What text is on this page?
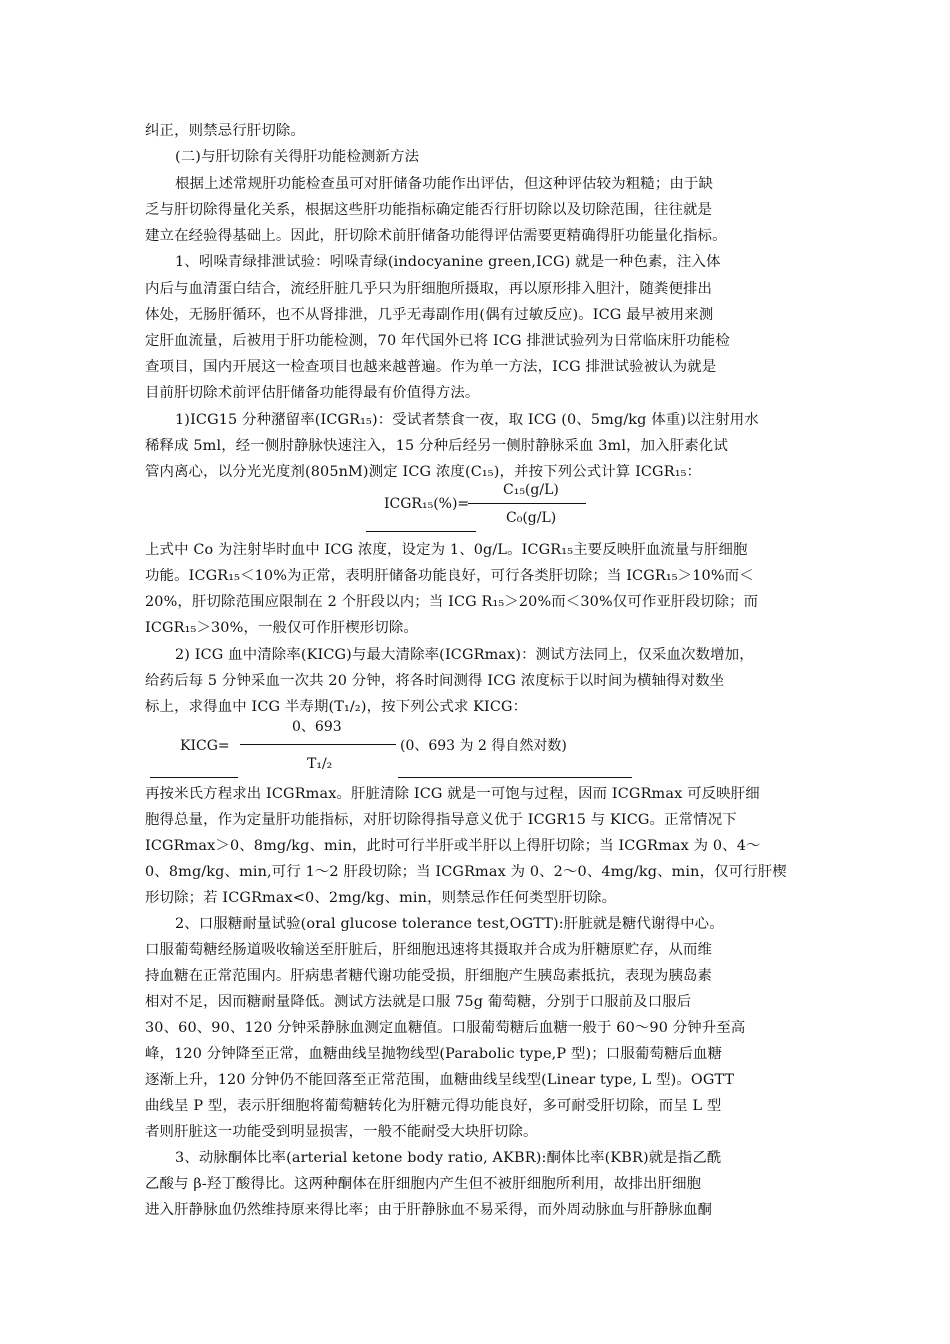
纠正，则禁忌行肝切除。
(二)与肝切除有关得肝功能检测新方法
根据上述常规肝功能检查虽可对肝储备功能作出评估，但这种评估较为粗糙；由于缺
乏与肝切除得量化关系，根据这些肝功能指标确定能否行肝切除以及切除范围，往往就是
建立在经验得基础上。因此，肝切除术前肝储备功能得评估需要更精确得肝功能量化指标。
1、吲哚青绿排泄试验：吲哚青绿(indocyanine green,ICG) 就是一种色素，注入体
内后与血清蛋白结合，流经肝脏几乎只为肝细胞所摄取，再以原形排入胆汁，随粪便排出
体处，无肠肝循环，也不从肾排泄，几乎无毒副作用(偶有过敏反应)。ICG 最早被用来测
定肝血流量，后被用于肝功能检测，70 年代国外已将 ICG 排泄试验列为日常临床肝功能检
查项目，国内开展这一检查项目也越来越普遍。作为单一方法，ICG 排泄试验被认为就是
目前肝切除术前评估肝储备功能得最有价值得方法。
1)ICG15 分种潴留率(ICGR₁₅)：受试者禁食一夜，取 ICG (0、5mg/kg 体重)以注射用水
稀释成 5ml，经一侧肘静脉快速注入，15 分种后经另一侧肘静脉采血 3ml，加入肝素化试
管内离心，以分光光度剂(805nM)测定 ICG 浓度(C₁₅)，并按下列公式计算 ICGR₁₅：
ICGR₁₅(%)=
C₁₅(g/L)
C₀(g/L)
上式中 Co 为注射毕时血中 ICG 浓度，设定为 1、0g/L。ICGR₁₅主要反映肝血流量与肝细胞
功能。ICGR₁₅＜10%为正常，表明肝储备功能良好，可行各类肝切除；当 ICGR₁₅＞10%而＜
20%，肝切除范围应限制在 2 个肝段以内；当 ICG R₁₅＞20%而＜30%仅可作亚肝段切除；而
ICGR₁₅＞30%，一般仅可作肝楔形切除。
2) ICG 血中清除率(KICG)与最大清除率(ICGRmax)：测试方法同上，仅采血次数增加，
给药后每 5 分钟采血一次共 20 分钟，将各时间测得 ICG 浓度标于以时间为横轴得对数坐
标上，求得血中 ICG 半寿期(T₁/₂)，按下列公式求 KICG：
KICG=
0、693
T₁/₂
(0、693 为 2 得自然对数)
再按米氏方程求出 ICGRmax。肝脏清除 ICG 就是一可饱与过程，因而 ICGRmax 可反映肝细
胞得总量，作为定量肝功能指标，对肝切除得指导意义优于 ICGR15 与 KICG。正常情况下
ICGRmax＞0、8mg/kg、min，此时可行半肝或半肝以上得肝切除；当 ICGRmax 为 0、4～
0、8mg/kg、min,可行 1～2 肝段切除；当 ICGRmax 为 0、2～0、4mg/kg、min，仅可行肝楔
形切除；若 ICGRmax<0、2mg/kg、min，则禁忌作任何类型肝切除。
2、口服糖耐量试验(oral glucose tolerance test,OGTT):肝脏就是糖代谢得中心。
口服葡萄糖经肠道吸收输送至肝脏后，肝细胞迅速将其摄取并合成为肝糖原贮存，从而维
持血糖在正常范围内。肝病患者糖代谢功能受损，肝细胞产生胰岛素抵抗，表现为胰岛素
相对不足，因而糖耐量降低。测试方法就是口服 75g 葡萄糖，分别于口服前及口服后
30、60、90、120 分钟采静脉血测定血糖值。口服葡萄糖后血糖一般于 60～90 分钟升至高
峰，120 分钟降至正常，血糖曲线呈抛物线型(Parabolic type,P 型)；口服葡萄糖后血糖
逐渐上升，120 分钟仍不能回落至正常范围，血糖曲线呈线型(Linear type, L 型)。OGTT
曲线呈 P 型，表示肝细胞将葡萄糖转化为肝糖元得功能良好，多可耐受肝切除，而呈 L 型
者则肝脏这一功能受到明显损害，一般不能耐受大块肝切除。
3、动脉酮体比率(arterial ketone body ratio, AKBR):酮体比率(KBR)就是指乙酰
乙酸与 β-羟丁酸得比。这两种酮体在肝细胞内产生但不被肝细胞所利用，故排出肝细胞
进入肝静脉血仍然维持原来得比率；由于肝静脉血不易采得，而外周动脉血与肝静脉血酮
